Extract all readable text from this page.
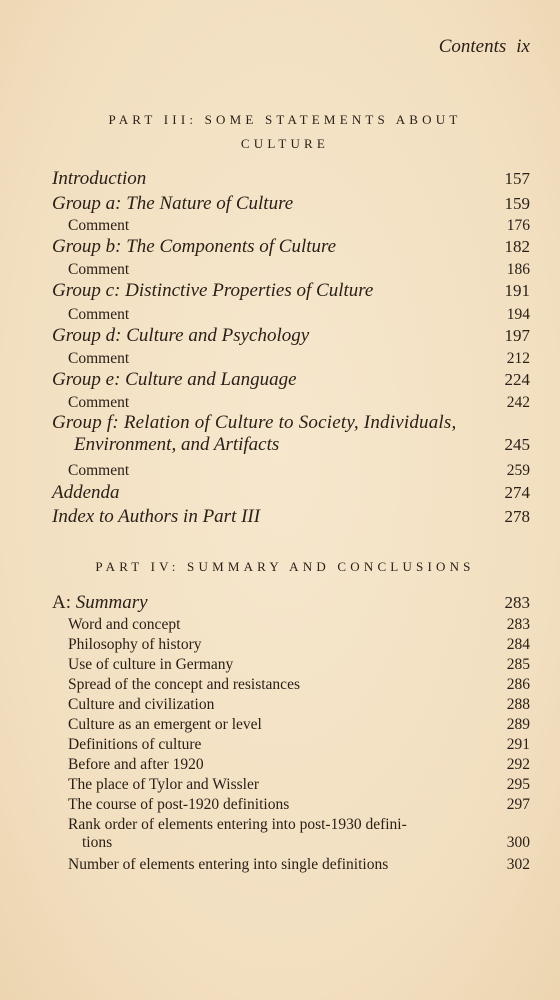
Contents ix
PART III: SOME STATEMENTS ABOUT
CULTURE
Introduction	157
Group a: The Nature of Culture	159
Comment	176
Group b: The Components of Culture	182
Comment	186
Group c: Distinctive Properties of Culture	191
Comment	194
Group d: Culture and Psychology	197
Comment	212
Group e: Culture and Language	224
Comment	242
Group f: Relation of Culture to Society, Individuals,
Environment, and Artifacts	245
Comment	259
Addenda	274
Index to Authors in Part III	278
PART IV: SUMMARY AND CONCLUSIONS
A: Summary	283
Word and concept	283
Philosophy of history	284
Use of culture in Germany	285
Spread of the concept and resistances	286
Culture and civilization	288
Culture as an emergent or level	289
Definitions of culture	291
Before and after 1920	292
The place of Tylor and Wissler	295
The course of post-1920 definitions	297
Rank order of elements entering into post-1930 defini-
tions	300
Number of elements entering into single definitions	302
